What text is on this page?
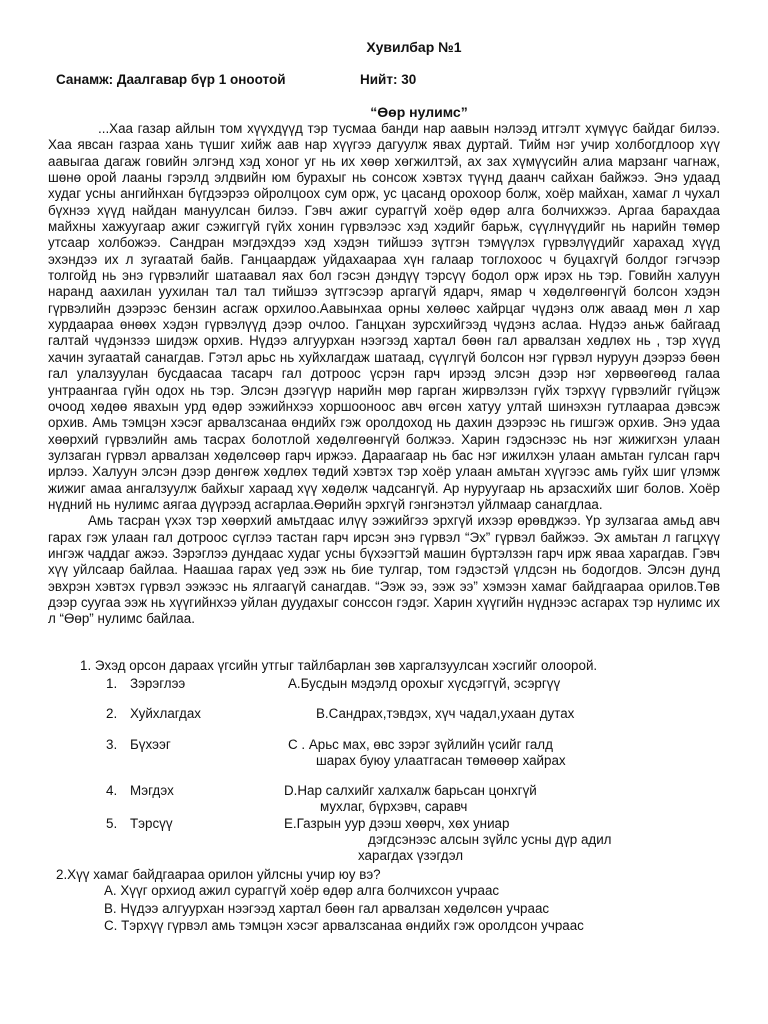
Хувилбар №1
Санамж: Даалгавар бүр 1 оноотой	Нийт: 30
“Өөр нулимс”

...Хаа газар айлын том хүүхдүүд тэр тусмаа банди нар аавын нэлээд итгэлт хүмүүс байдаг билээ. Хаа явсан газраа хань түшиг хийж аав нар хүүгээ дагуулж явах дуртай. Тийм нэг учир холбогдлоор хүү аавыгаа дагаж говийн элгэнд хэд хоног уг нь их хөөр хөгжилтэй, ах зах хүмүүсийн алиа марзанг чагнаж, шөнө орой лааны гэрэлд элдвийн юм бурахыг нь сонсож хэвтэх түүнд даанч сайхан байжээ. Энэ удаад худаг усны ангийнхан бүгдээрээ ойролцоох сум орж, ус цасанд орохоор болж, хоёр майхан, хамаг л чухал бүхнээ хүүд найдан мануулсан билээ. Гэвч ажиг сурaггүй хоёр өдөр алга болчихжээ. Аргаа барахдаа майхны хажуугаар ажиг сэжиггүй гүйх хонин гүрвэлээс хэд хэдийг барьж, сүүлнүүдийг нь нарийн төмөр утсаар холбожээ. Сандран мэгдэхдээ хэд хэдэн тийшээ зүтгэн тэмүүлэх гүрвэлүүдийг харахад хүүд эхэндээ их л зугаатай байв. Ганцаардаж уйдахаараа хүн галаар тоглохоос ч буцахгүй болдог гэгчээр толгойд нь энэ гүрвэлийг шатаавал яах бол гэсэн дэндүү тэрсүү бодол орж ирэх нь тэр. Говийн халуун наранд аахилан уухилан тал тал тийшээ зүтгэсээр аргагүй ядарч, ямар ч хөдөлгөөнгүй болсон хэдэн гүрвэлийн дээрээс бензин асгаж орхилоо.Аавынхаа орны хөлөөс хайрцаг чүдэнз олж аваад мөн л хар хурдаараа өнөөх хэдэн гүрвэлүүд дээр очлоо. Ганцхан зурсхийгээд чүдэнз аслаа. Нүдээ аньж байгаад галтай чүдэнзээ шидэж орхив. Нүдээ алгуурхан нээгээд хартал бөөн гал арвалзан хөдлөх нь , тэр хүүд хачин зугаатай санагдав. Гэтэл арьс нь хуйхлагдаж шатаад, сүүлгүй болсон нэг гүрвэл нуруун дээрээ бөөн гал улалзуулан бусдаасаа тасарч гал дотроос үсрэн гарч ирээд элсэн дээр нэг хөрвөөгөөд галаа унтраангаа гүйн одох нь тэр. Элсэн дээгүүр нарийн мөр гарган жирвэлзэн гүйх тэрхүү гүрвэлийг гүйцэж очоод хөдөө явахын урд өдөр ээжийнхээ хоршооноос авч өгсөн хатуу ултай шинэхэн гутлаараа дэвсэж орхив. Амь тэмцэн хэсэг арвалзсанаа өндийх гэж оролдоход нь дахин дээрээс нь гишгэж орхив. Энэ удаа хөөрхий гүрвэлийн амь тасрах болотлой хөдөлгөөнгүй болжээ. Харин гэдэснээс нь нэг жижигхэн улаан зулзаган гүрвэл арвалзан хөдөлсөөр гарч иржээ. Дараагаар нь бас нэг ижилхэн улаан амьтан гулсан гарч ирлээ. Халуун элсэн дээр дөнгөж хөдлөх төдий хэвтэх тэр хоёр улаан амьтан хүүгээс амь гуйх шиг үлэмж жижиг амаа ангалзуулж байхыг хараад хүү хөдөлж чадсангүй. Ар нуруугаар нь арзасхийх шиг болов. Хоёр нүдний нь нулимс аягаа дүүрээд асгарлаа.Өөрийн эрхгүй гэнгэнэтэл уйлмаар санагдлаа.

Амь тасран үхэх тэр хөөрхий амьтдаас илүү ээжийгээ эрхгүй ихээр өрөвджээ. Үр зулзагаа амьд авч гарах гэж улаан гал дотроос сүглээ тастан гарч ирсэн энэ гүрвэл “Эх” гүрвэл байжээ. Эх амьтан л гагцхүү ингэж чаддаг ажээ. Зэрэглээ дундаас худаг усны бүхээгтэй машин бүртэлзэн гарч ирж яваа харагдав. Гэвч хүү уйлсаар байлаа. Наашаа гарах үед ээж нь бие тулгар, том гэдэстэй үлдсэн нь бодогдов. Элсэн дунд эвхрэн хэвтэх гүрвэл ээжээс нь ялгаагүй санагдав. “Ээж ээ, ээж ээ” хэмээн хамаг байдгаараа орилов.Төв дээр суугаа ээж нь хүүгийнхээ уйлан дуудахыг сонссон гэдэг. Харин хүүгийн нүднээс асгарах тэр нулимс их л “Өөр” нулимс байлаа.

1. Эхэд орсон дараах үгсийн утгыг тайлбарлан зөв харгалзуулсан хэсгийг олоорой.
1. Зэрэглээ	A.Бусдын мэдэлд орохыг хүсдэггүй, эсэргүү
2. Хуйхлагдах	B.Сандрах,тэвдэх, хүч чадал,ухаан дутах
3. Бүхээг	C . Арьс мах, өвс зэрэг зүйлийн үсийг галд
шарах буюу улаатгасан төмөөөр хайрах
4. Мэгдэх	D.Нар салхийг халхалж барьсан цонхгүй
мухлаг, бүрхэвч, саравч
5. Тэрсүү	E.Газрын уур дээш хөөрч, хөх униар
дэгдсэнээс алсын зүйлс усны дүр адил
харагдах үзэгдэл
2.Хүү хамаг байдгаараа орилон уйлсны учир юу вэ?
А. Хүүг орхиод ажил сураггүй хоёр өдөр алга болчихсон учраас
В. Нүдээ алгуурхан нээгээд хартал бөөн гал арвалзан хөдөлсөн учраас
С. Тэрхүү гүрвэл амь тэмцэн хэсэг арвалзсанаа өндийх гэж оролдсон учраас
